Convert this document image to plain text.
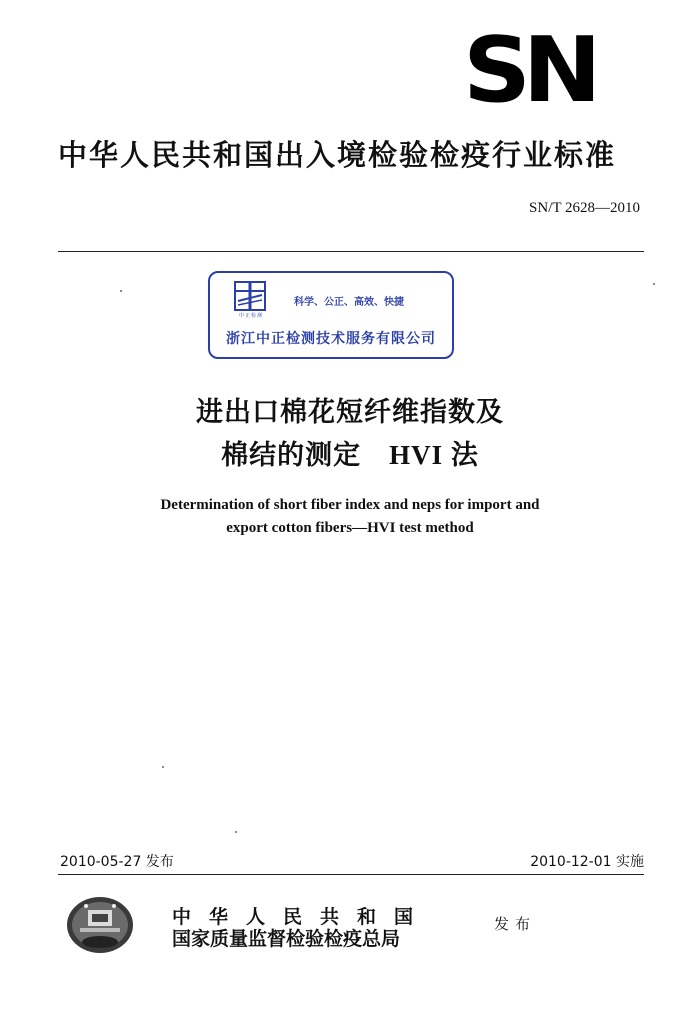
SN
中华人民共和国出入境检验检疫行业标准
SN/T 2628—2010
中正检测
科学、公正、高效、快捷
浙江中正检测技术服务有限公司
进出口棉花短纤维指数及
棉结的测定 HVI 法
Determination of short fiber index and neps for import and
export cotton fibers—HVI test method
2010-05-27 发布	2010-12-01 实施
中华人民共和国
国家质量监督检验检疫总局
发布
